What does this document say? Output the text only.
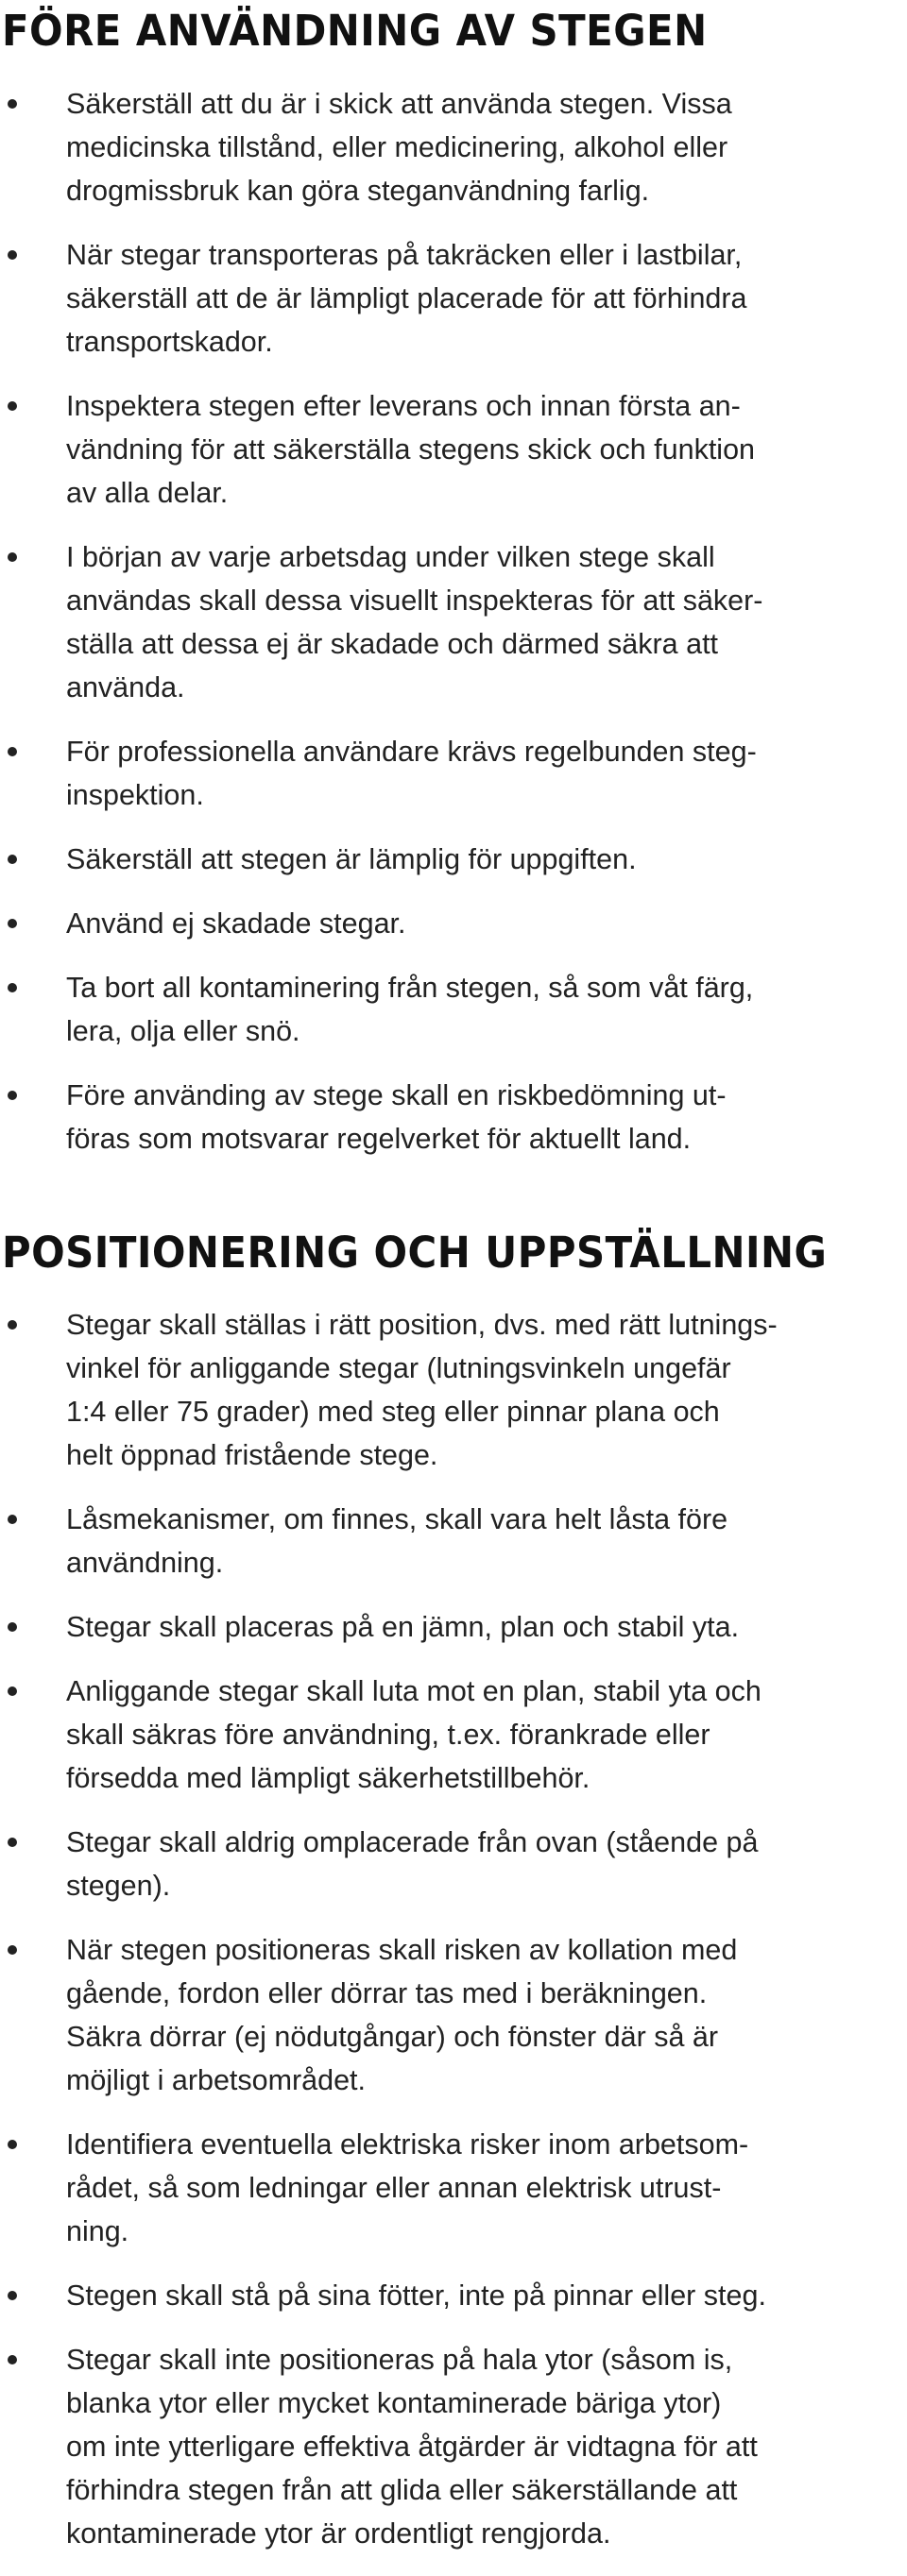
FÖRE ANVÄNDNING AV STEGEN
Säkerställ att du är i skick att använda stegen. Vissa
medicinska tillstånd, eller medicinering, alkohol eller
drogmissbruk kan göra steganvändning farlig.
När stegar transporteras på takräcken eller i lastbilar,
säkerställ att de är lämpligt placerade för att förhindra
transportskador.
Inspektera stegen efter leverans och innan första an-
vändning för att säkerställa stegens skick och funktion
av alla delar.
I början av varje arbetsdag under vilken stege skall
användas skall dessa visuellt inspekteras för att säker-
ställa att dessa ej är skadade och därmed säkra att
använda.
För professionella användare krävs regelbunden steg-
inspektion.
Säkerställ att stegen är lämplig för uppgiften.
Använd ej skadade stegar.
Ta bort all kontaminering från stegen, så som våt färg,
lera, olja eller snö.
Före använding av stege skall en riskbedömning ut-
föras som motsvarar regelverket för aktuellt land.
POSITIONERING OCH UPPSTÄLLNING
Stegar skall ställas i rätt position, dvs. med rätt lutnings-
vinkel för anliggande stegar (lutningsvinkeln ungefär
1:4 eller 75 grader) med steg eller pinnar plana och
helt öppnad fristående stege.
Låsmekanismer, om finnes, skall vara helt låsta före
användning.
Stegar skall placeras på en jämn, plan och stabil yta.
Anliggande stegar skall luta mot en plan, stabil yta och
skall säkras före användning, t.ex. förankrade eller
försedda med lämpligt säkerhetstillbehör.
Stegar skall aldrig omplacerade från ovan (stående på
stegen).
När stegen positioneras skall risken av kollation med
gående, fordon eller dörrar tas med i beräkningen.
Säkra dörrar (ej nödutgångar) och fönster där så är
möjligt i arbetsområdet.
Identifiera eventuella elektriska risker inom arbetsom-
rådet, så som ledningar eller annan elektrisk utrust-
ning.
Stegen skall stå på sina fötter, inte på pinnar eller steg.
Stegar skall inte positioneras på hala ytor (såsom is,
blanka ytor eller mycket kontaminerade bäriga ytor)
om inte ytterligare effektiva åtgärder är vidtagna för att
förhindra stegen från att glida eller säkerställande att
kontaminerade ytor är ordentligt rengjorda.
